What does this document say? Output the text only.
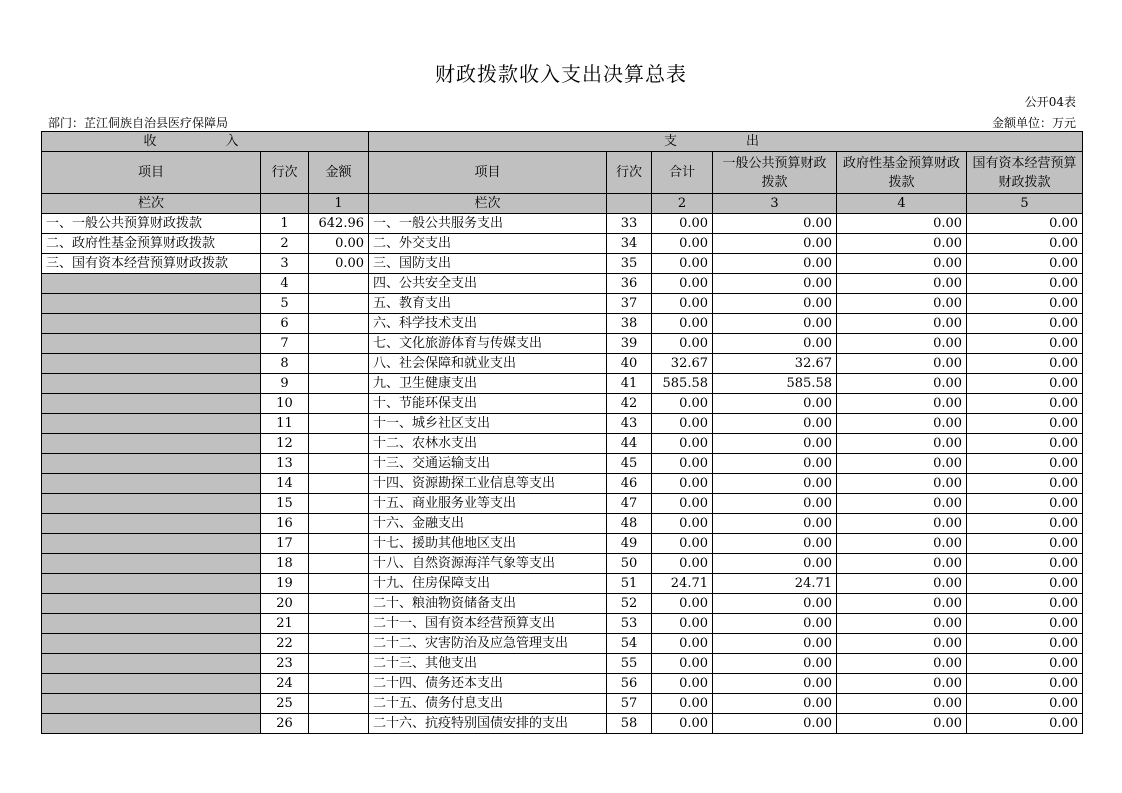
财政拨款收入支出决算总表
公开04表
部门：芷江侗族自治县医疗保障局	金额单位：万元
收　入			支　出					
项目	行次	金额	项目	行次	合计	一般公共预算财政拨款	政府性基金预算财政拨款	国有资本经营预算财政拨款
栏次		1	栏次		2	3	4	5
一、一般公共预算财政拨款	1	642.96	一、一般公共服务支出	33	0.00	0.00	0.00	0.00
二、政府性基金预算财政拨款	2	0.00	二、外交支出	34	0.00	0.00	0.00	0.00
三、国有资本经营预算财政拨款	3	0.00	三、国防支出	35	0.00	0.00	0.00	0.00
	4		四、公共安全支出	36	0.00	0.00	0.00	0.00
	5		五、教育支出	37	0.00	0.00	0.00	0.00
	6		六、科学技术支出	38	0.00	0.00	0.00	0.00
	7		七、文化旅游体育与传媒支出	39	0.00	0.00	0.00	0.00
	8		八、社会保障和就业支出	40	32.67	32.67	0.00	0.00
	9		九、卫生健康支出	41	585.58	585.58	0.00	0.00
	10		十、节能环保支出	42	0.00	0.00	0.00	0.00
	11		十一、城乡社区支出	43	0.00	0.00	0.00	0.00
	12		十二、农林水支出	44	0.00	0.00	0.00	0.00
	13		十三、交通运输支出	45	0.00	0.00	0.00	0.00
	14		十四、资源勘探工业信息等支出	46	0.00	0.00	0.00	0.00
	15		十五、商业服务业等支出	47	0.00	0.00	0.00	0.00
	16		十六、金融支出	48	0.00	0.00	0.00	0.00
	17		十七、援助其他地区支出	49	0.00	0.00	0.00	0.00
	18		十八、自然资源海洋气象等支出	50	0.00	0.00	0.00	0.00
	19		十九、住房保障支出	51	24.71	24.71	0.00	0.00
	20		二十、粮油物资储备支出	52	0.00	0.00	0.00	0.00
	21		二十一、国有资本经营预算支出	53	0.00	0.00	0.00	0.00
	22		二十二、灾害防治及应急管理支出	54	0.00	0.00	0.00	0.00
	23		二十三、其他支出	55	0.00	0.00	0.00	0.00
	24		二十四、债务还本支出	56	0.00	0.00	0.00	0.00
	25		二十五、债务付息支出	57	0.00	0.00	0.00	0.00
	26		二十六、抗疫特别国债安排的支出	58	0.00	0.00	0.00	0.00
